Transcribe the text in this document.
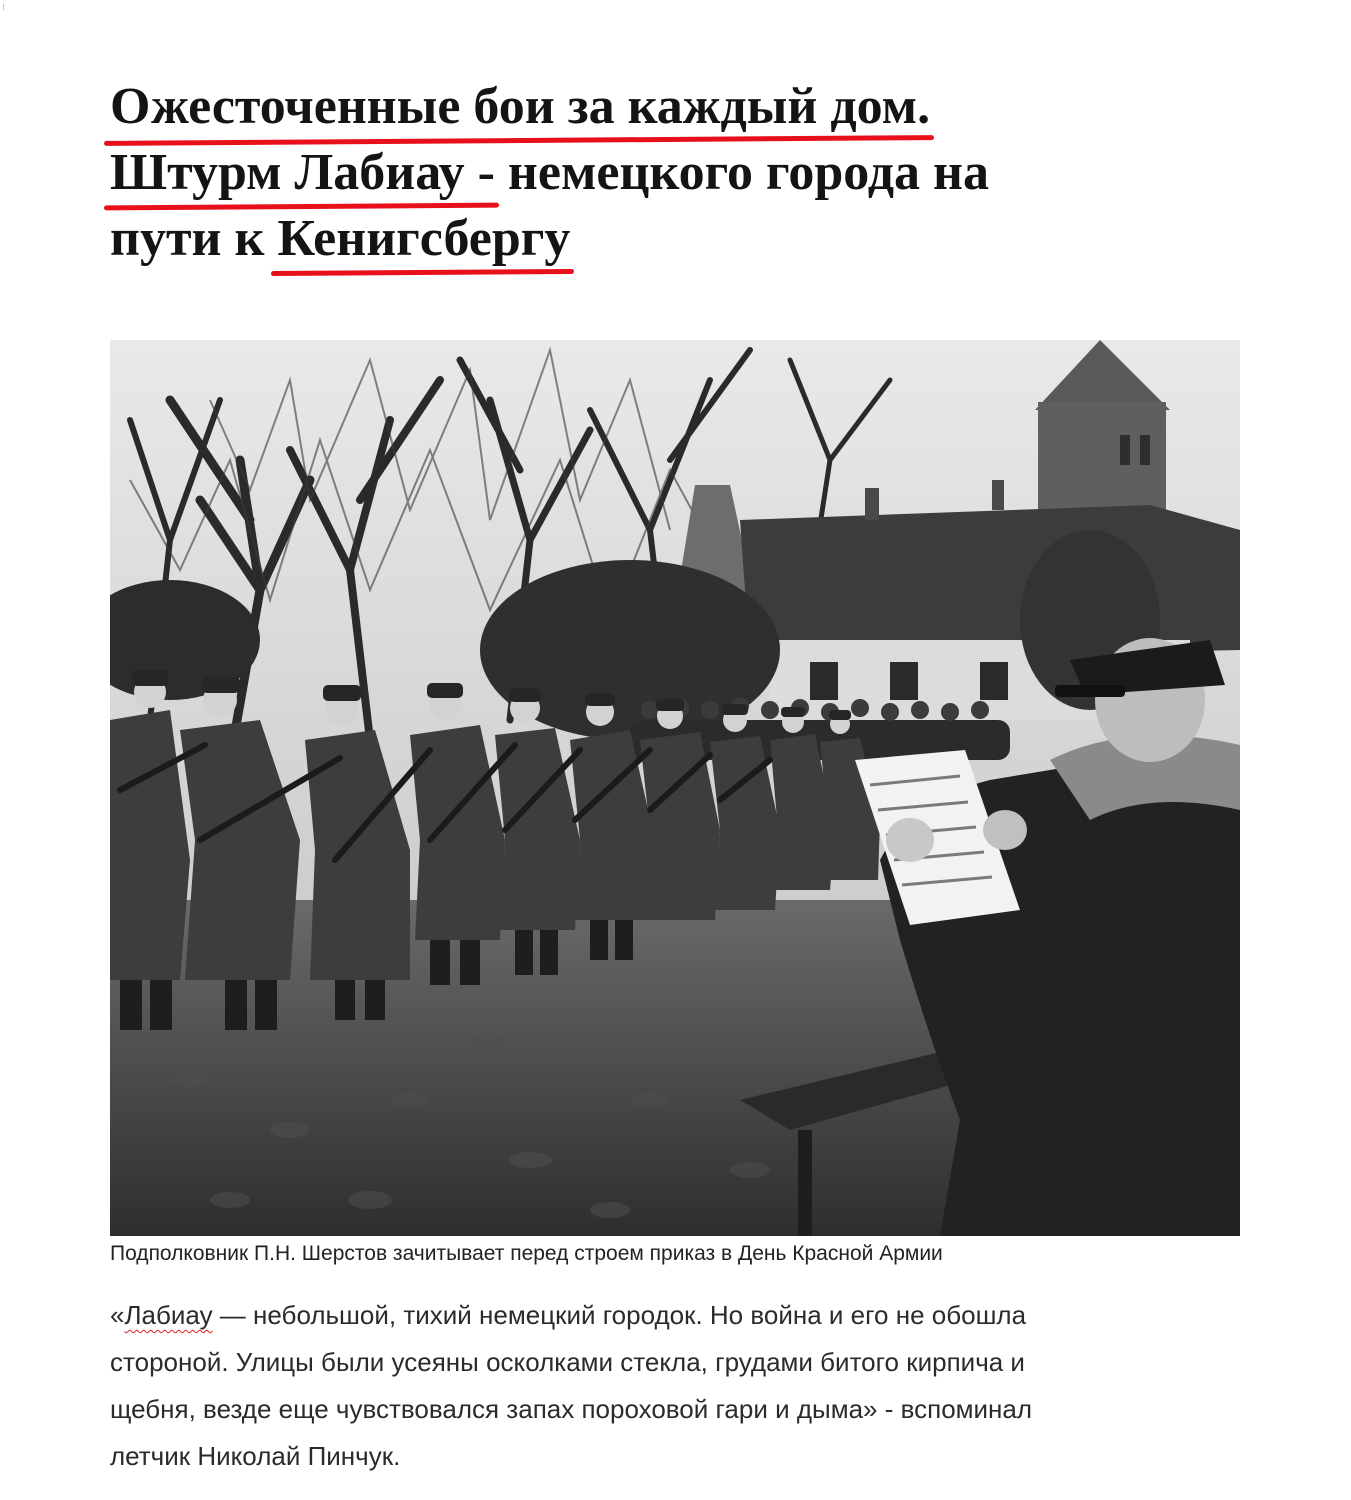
⁝
Ожесточенные бои за каждый дом.
Штурм Лабиау - немецкого города на
пути к Кенигсбергу
Подполковник П.Н. Шерстов зачитывает перед строем приказ в День Красной Армии
«Лабиау — небольшой, тихий немецкий городок. Но война и его не обошла
стороной. Улицы были усеяны осколками стекла, грудами битого кирпича и
щебня, везде еще чувствовался запах пороховой гари и дыма» - вспоминал
летчик Николай Пинчук.
